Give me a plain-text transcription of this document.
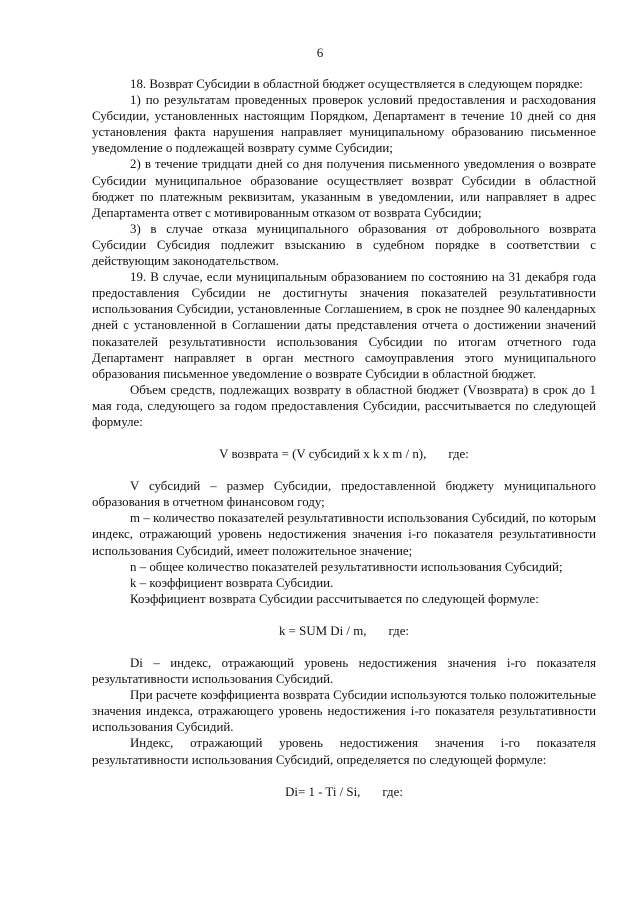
6

18. Возврат Субсидии в областной бюджет осуществляется в следующем порядке:

1) по результатам проведенных проверок условий предоставления и расходования Субсидии, установленных настоящим Порядком, Департамент в течение 10 дней со дня установления факта нарушения направляет муниципальному образованию письменное уведомление о подлежащей возврату сумме Субсидии;

2) в течение тридцати дней со дня получения письменного уведомления о возврате Субсидии муниципальное образование осуществляет возврат Субсидии в областной бюджет по платежным реквизитам, указанным в уведомлении, или направляет в адрес Департамента ответ с мотивированным отказом от возврата Субсидии;

3) в случае отказа муниципального образования от добровольного возврата Субсидии Субсидия подлежит взысканию в судебном порядке в соответствии с действующим законодательством.

19. В случае, если муниципальным образованием по состоянию на 31 декабря года предоставления Субсидии не достигнуты значения показателей результативности использования Субсидии, установленные Соглашением, в срок не позднее 90 календарных дней с установленной в Соглашении даты представления отчета о достижении значений показателей результативности использования Субсидии по итогам отчетного года Департамент направляет в орган местного самоуправления этого муниципального образования письменное уведомление о возврате Субсидии в областной бюджет.

Объем средств, подлежащих возврату в областной бюджет (Vвозврата) в срок до 1 мая года, следующего за годом предоставления Субсидии, рассчитывается по следующей формуле:

V возврата = (V субсидий x k x m / n), где:

V субсидий – размер Субсидии, предоставленной бюджету муниципального образования в отчетном финансовом году;

m – количество показателей результативности использования Субсидий, по которым индекс, отражающий уровень недостижения значения i-го показателя результативности использования Субсидий, имеет положительное значение;

n – общее количество показателей результативности использования Субсидий;

k – коэффициент возврата Субсидии.

Коэффициент возврата Субсидии рассчитывается по следующей формуле:

k = SUM Di / m, где:

Di – индекс, отражающий уровень недостижения значения i-го показателя результативности использования Субсидий.

При расчете коэффициента возврата Субсидии используются только положительные значения индекса, отражающего уровень недостижения i-го показателя результативности использования Субсидий.

Индекс, отражающий уровень недостижения значения i-го показателя результативности использования Субсидий, определяется по следующей формуле:

Di= 1 - Ti / Si, где:
